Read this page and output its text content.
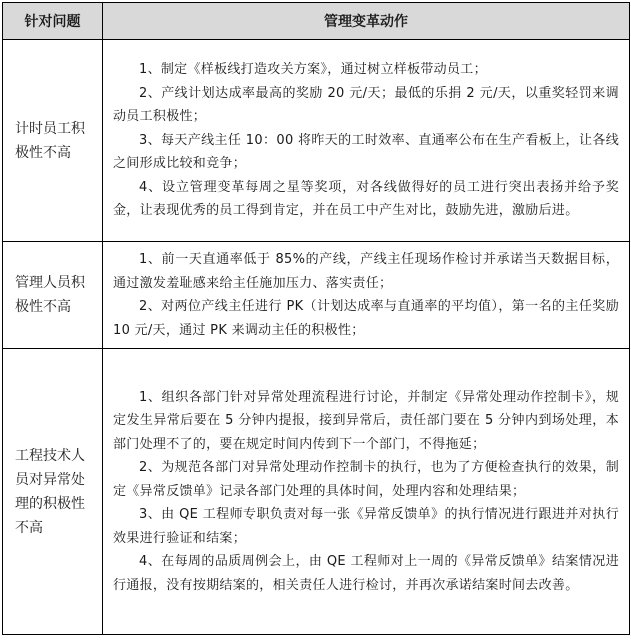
针对问题	管理变革动作
计时员工积极性不高	1、制定《样板线打造攻关方案》，通过树立样板带动员工；

2、产线计划达成率最高的奖励 20 元/天；最低的乐捐 2 元/天，以重奖轻罚来调动员工积极性；

3、每天产线主任 10：00 将昨天的工时效率、直通率公布在生产看板上，让各线之间形成比较和竞争；

4、设立管理变革每周之星等奖项，对各线做得好的员工进行突出表扬并给予奖金，让表现优秀的员工得到肯定，并在员工中产生对比，鼓励先进，激励后进。

管理人员积极性不高	1、前一天直通率低于 85%的产线，产线主任现场作检讨并承诺当天数据目标，通过激发羞耻感来给主任施加压力、落实责任；

2、对两位产线主任进行 PK（计划达成率与直通率的平均值），第一名的主任奖励 10 元/天，通过 PK 来调动主任的积极性；

工程技术人员对异常处理的积极性不高	1、组织各部门针对异常处理流程进行讨论，并制定《异常处理动作控制卡》，规定发生异常后要在 5 分钟内提报，接到异常后，责任部门要在 5 分钟内到场处理，本部门处理不了的，要在规定时间内传到下一个部门，不得拖延；

2、为规范各部门对异常处理动作控制卡的执行，也为了方便检查执行的效果，制定《异常反馈单》记录各部门处理的具体时间，处理内容和处理结果；

3、由 QE 工程师专职负责对每一张《异常反馈单》的执行情况进行跟进并对执行效果进行验证和结案；

4、在每周的品质周例会上，由 QE 工程师对上一周的《异常反馈单》结案情况进行通报，没有按期结案的，相关责任人进行检讨，并再次承诺结案时间去改善。
